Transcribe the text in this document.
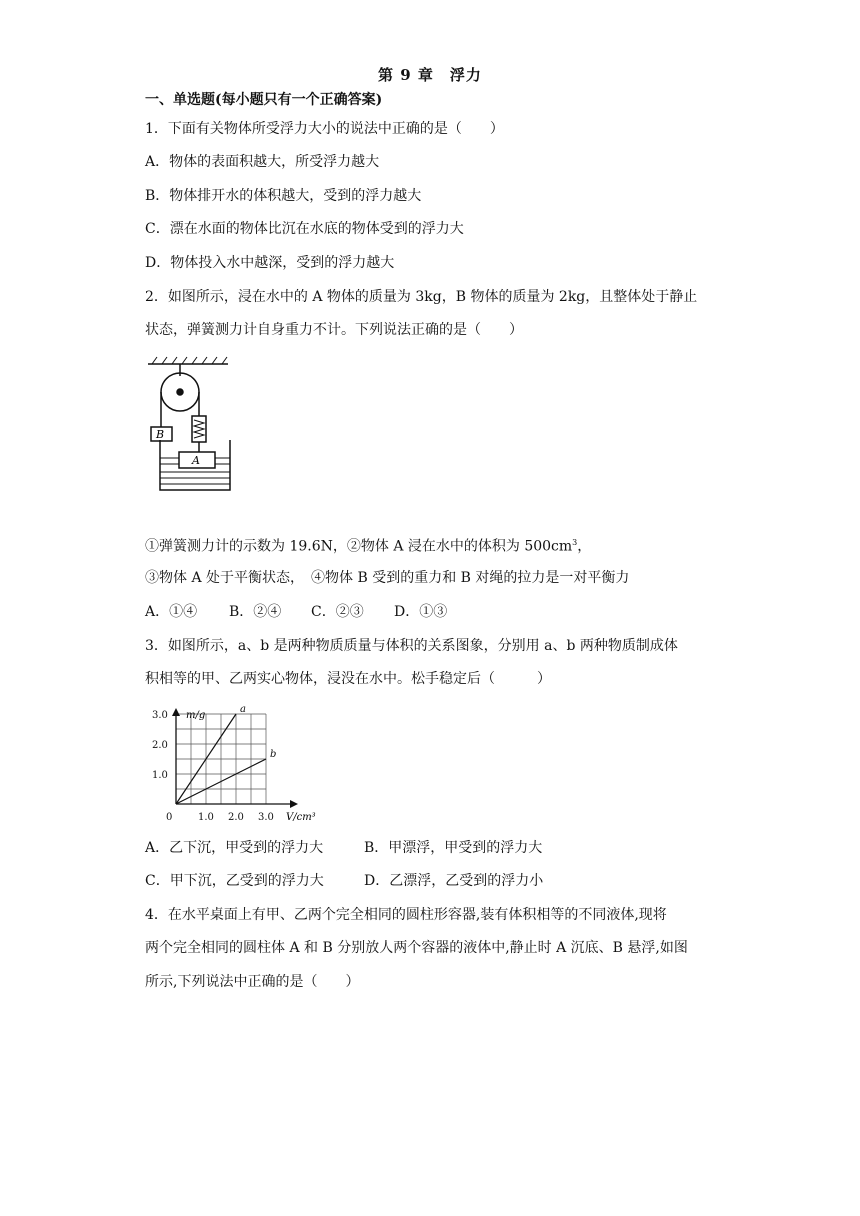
第 9 章　浮力
一、单选题(每小题只有一个正确答案)
1．下面有关物体所受浮力大小的说法中正确的是（　　）
A．物体的表面积越大，所受浮力越大
B．物体排开水的体积越大，受到的浮力越大
C．漂在水面的物体比沉在水底的物体受到的浮力大
D．物体投入水中越深，受到的浮力越大
2．如图所示，浸在水中的 A 物体的质量为 3kg，B 物体的质量为 2kg，且整体处于静止
状态，弹簧测力计自身重力不计。下列说法正确的是（　　）
B
A
①弹簧测力计的示数为 19.6N，②物体 A 浸在水中的体积为 $500cm^3$，
③物体 A 处于平衡状态，　④物体 B 受到的重力和 B 对绳的拉力是一对平衡力
A．①④ B．②④ C．②③ D．①③
3．如图所示，a、b 是两种物质质量与体积的关系图象，分别用 a、b 两种物质制成体
积相等的甲、乙两实心物体，浸没在水中。松手稳定后（　　　）
a
b
0	1.0 2.0 3.0
1.0
2.0
3.0 m/g
V/cm³
A．乙下沉，甲受到的浮力大	B．甲漂浮，甲受到的浮力大
C．甲下沉，乙受到的浮力大	D．乙漂浮，乙受到的浮力小
4．在水平桌面上有甲、乙两个完全相同的圆柱形容器,装有体积相等的不同液体,现将
两个完全相同的圆柱体 A 和 B 分别放人两个容器的液体中,静止时 A 沉底、B 悬浮,如图
所示,下列说法中正确的是（　　）
